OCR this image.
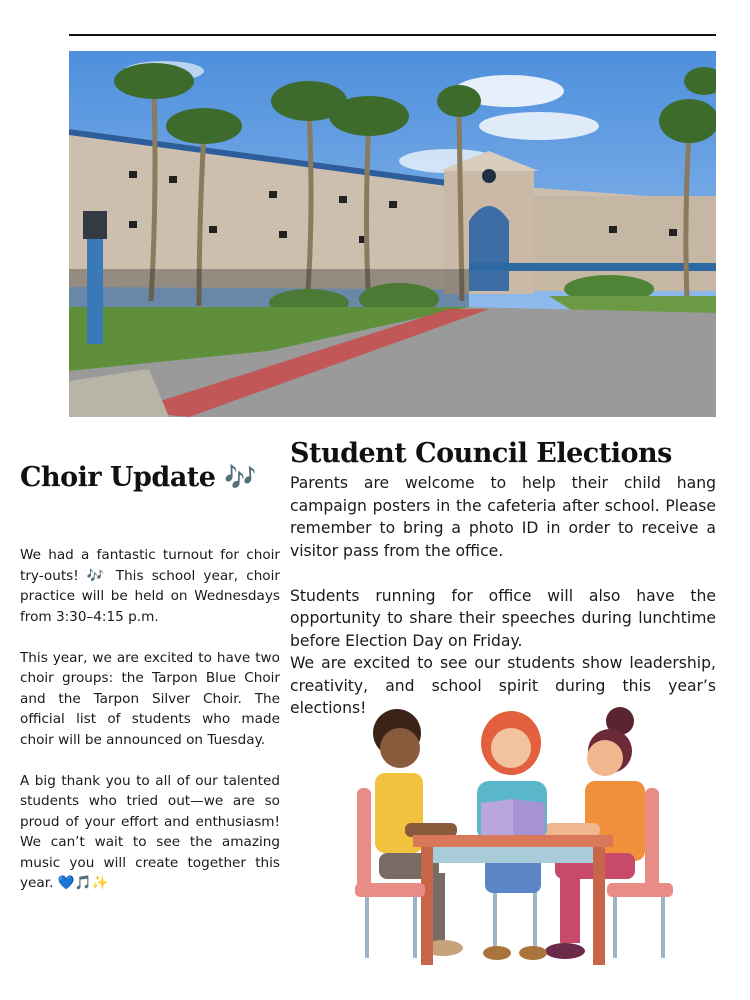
Choir Update 🎶

We had a fantastic turnout for choir try-outs! 🎶 This school year, choir practice will be held on Wednesdays from 3:30–4:15 p.m.

This year, we are excited to have two choir groups: the Tarpon Blue Choir and the Tarpon Silver Choir. The official list of students who made choir will be announced on Tuesday.

A big thank you to all of our talented students who tried out—we are so proud of your effort and enthusiasm! We can’t wait to see the amazing music you will create together this year. 💙🎵✨

Student Council Elections

Parents are welcome to help their child hang campaign posters in the cafeteria after school. Please remember to bring a photo ID in order to receive a visitor pass from the office.

Students running for office will also have the opportunity to share their speeches during lunchtime before Election Day on Friday.

We are excited to see our students show leadership, creativity, and school spirit during this year’s elections!
